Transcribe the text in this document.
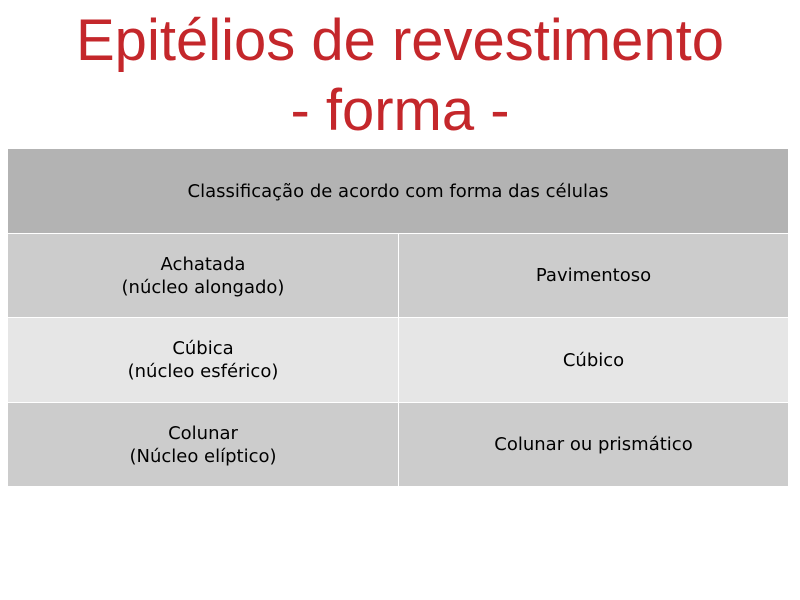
Epitélios de revestimento
- forma -
Classificação de acordo com forma das células	

Achatada
(núcleo alongado)	Pavimentoso

Cúbica
(núcleo esférico)	Cúbico

Colunar
(Núcleo elíptico)	Colunar ou prismático
